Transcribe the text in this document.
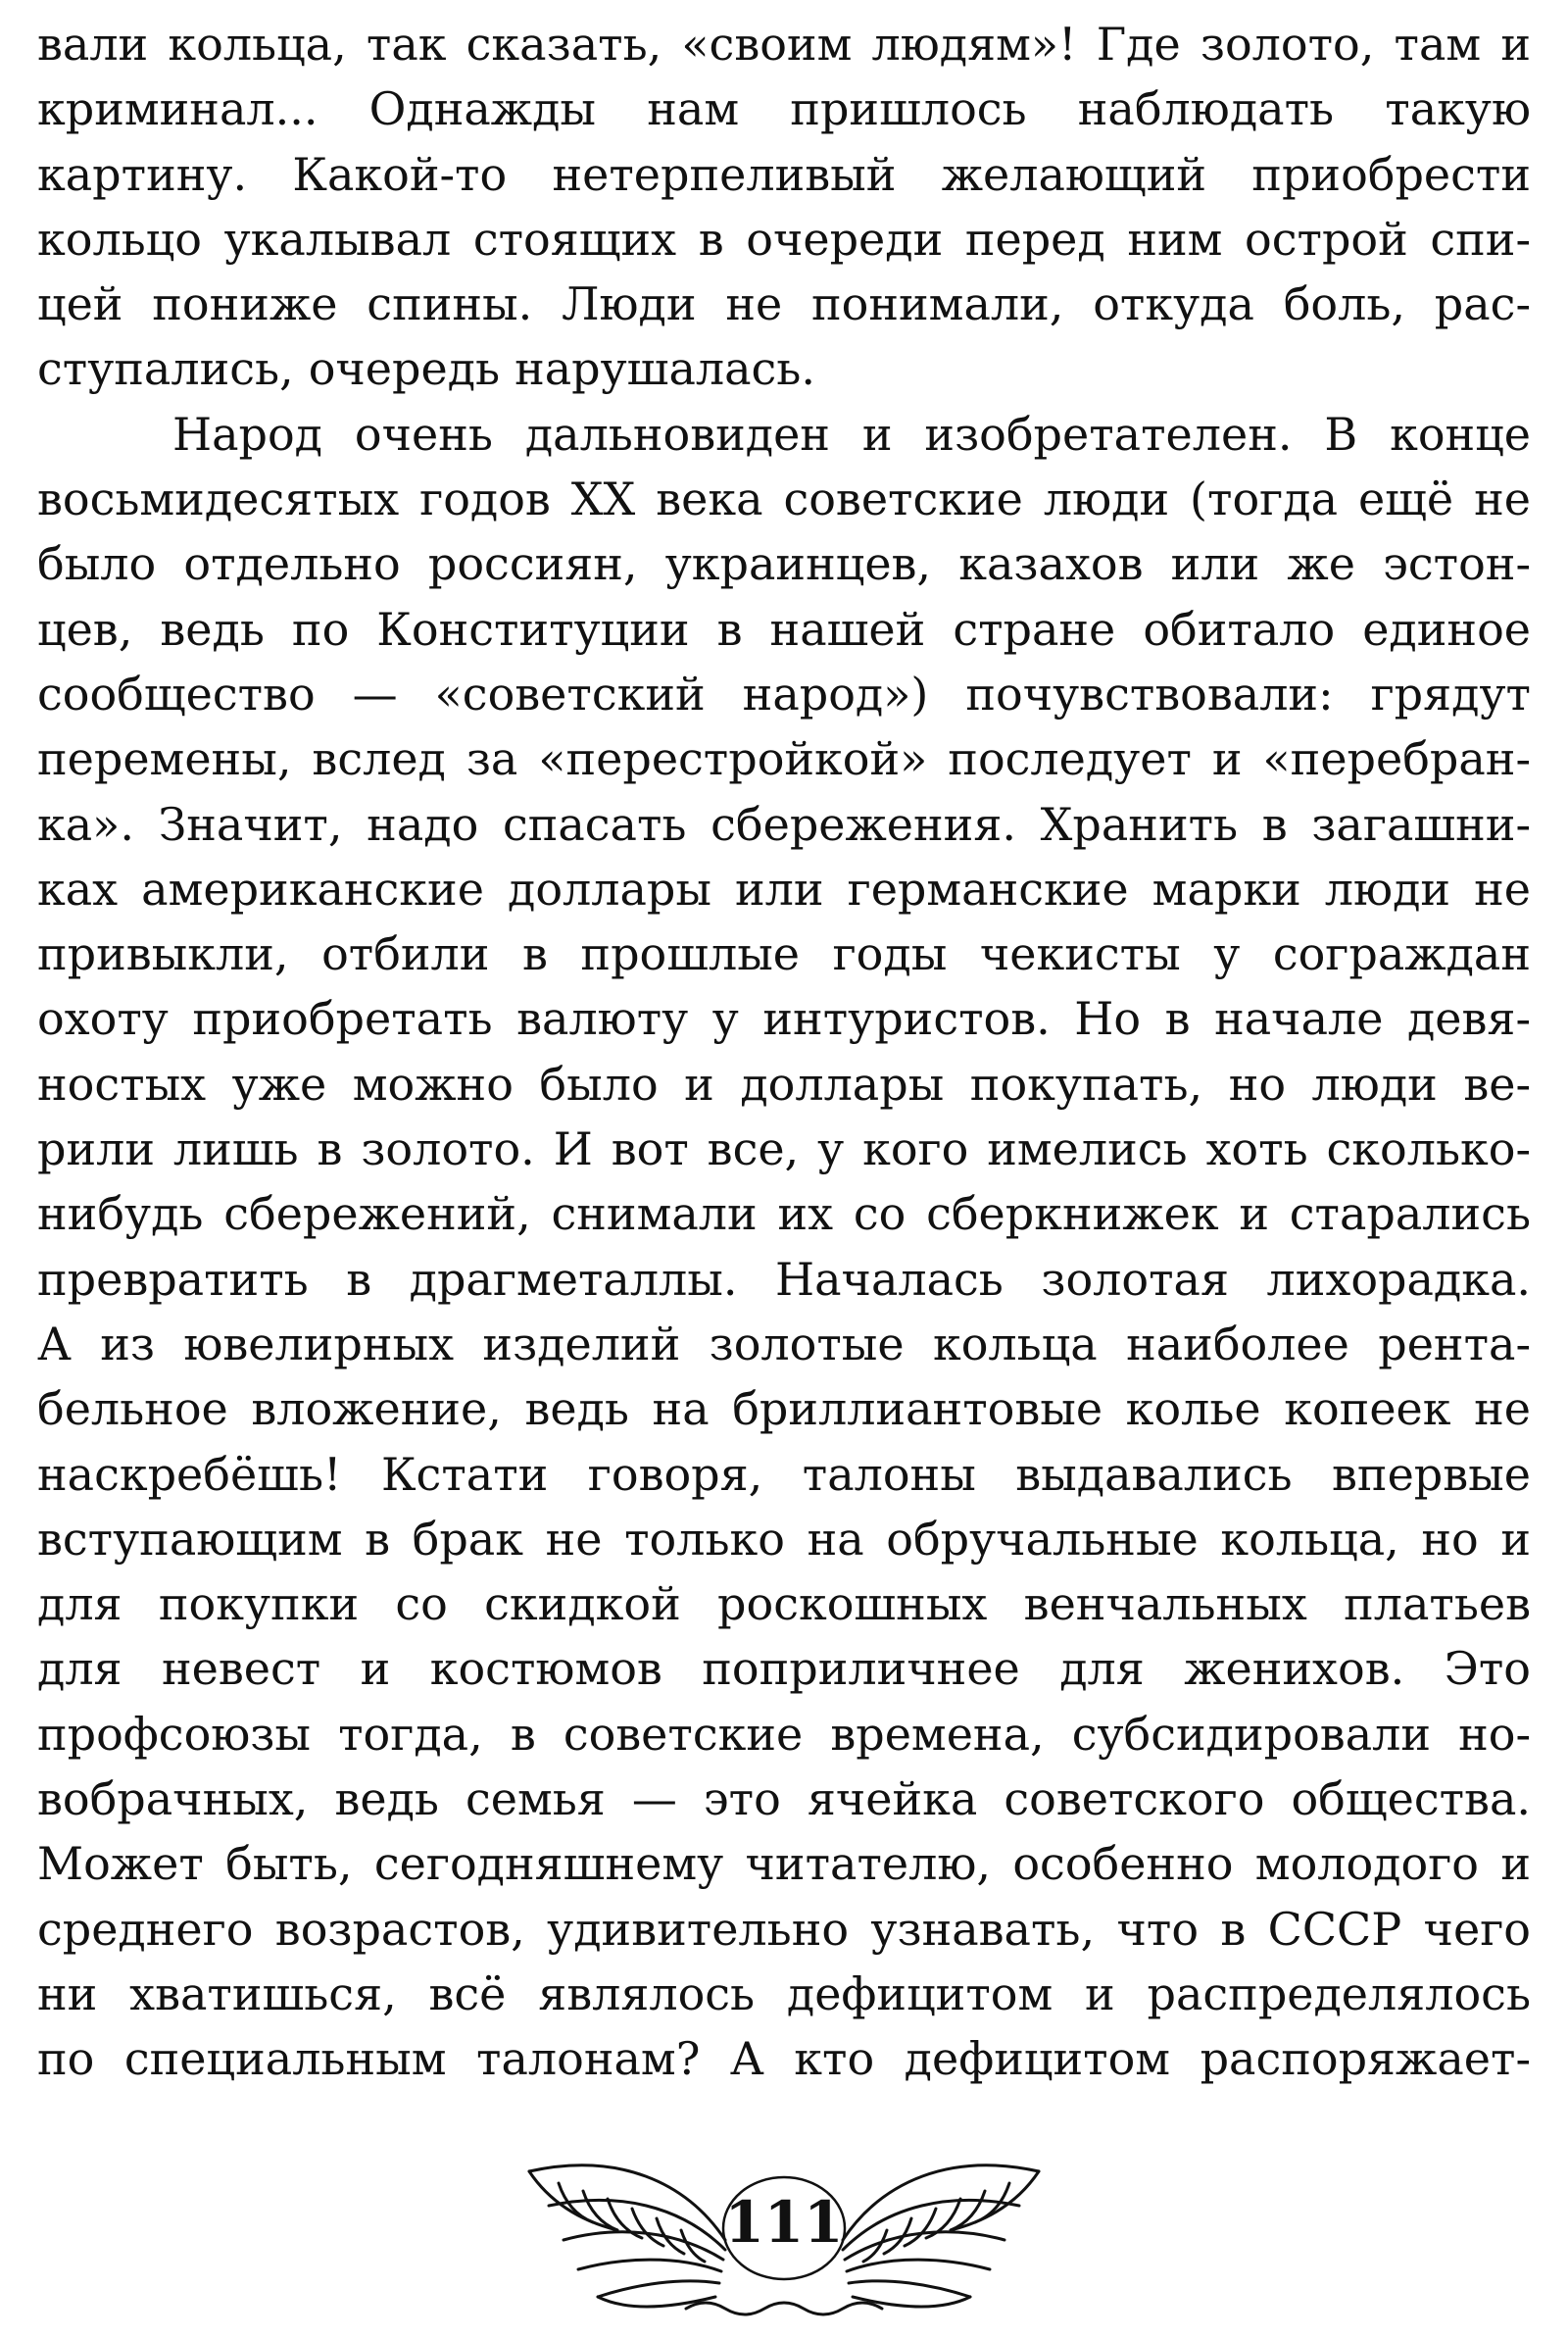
вали кольца, так сказать, «своим людям»! Где золото, там и
криминал... Однажды нам пришлось наблюдать такую
картину. Какой-то нетерпеливый желающий приобрести
кольцо укалывал стоящих в очереди перед ним острой спи-
цей пониже спины. Люди не понимали, откуда боль, рас-
ступались, очередь нарушалась.
Народ очень дальновиден и изобретателен. В конце
восьмидесятых годов ХХ века советские люди (тогда ещё не
было отдельно россиян, украинцев, казахов или же эстон-
цев, ведь по Конституции в нашей стране обитало единое
сообщество — «советский народ») почувствовали: грядут
перемены, вслед за «перестройкой» последует и «перебран-
ка». Значит, надо спасать сбережения. Хранить в загашни-
ках американские доллары или германские марки люди не
привыкли, отбили в прошлые годы чекисты у сограждан
охоту приобретать валюту у интуристов. Но в начале девя-
ностых уже можно было и доллары покупать, но люди ве-
рили лишь в золото. И вот все, у кого имелись хоть сколько-
нибудь сбережений, снимали их со сберкнижек и старались
превратить в драгметаллы. Началась золотая лихорадка.
А из ювелирных изделий золотые кольца наиболее рента-
бельное вложение, ведь на бриллиантовые колье копеек не
наскребёшь! Кстати говоря, талоны выдавались впервые
вступающим в брак не только на обручальные кольца, но и
для покупки со скидкой роскошных венчальных платьев
для невест и костюмов поприличнее для женихов. Это
профсоюзы тогда, в советские времена, субсидировали но-
вобрачных, ведь семья — это ячейка советского общества.
Может быть, сегодняшнему читателю, особенно молодого и
среднего возрастов, удивительно узнавать, что в СССР чего
ни хватишься, всё являлось дефицитом и распределялось
по специальным талонам? А кто дефицитом распоряжает-
111
